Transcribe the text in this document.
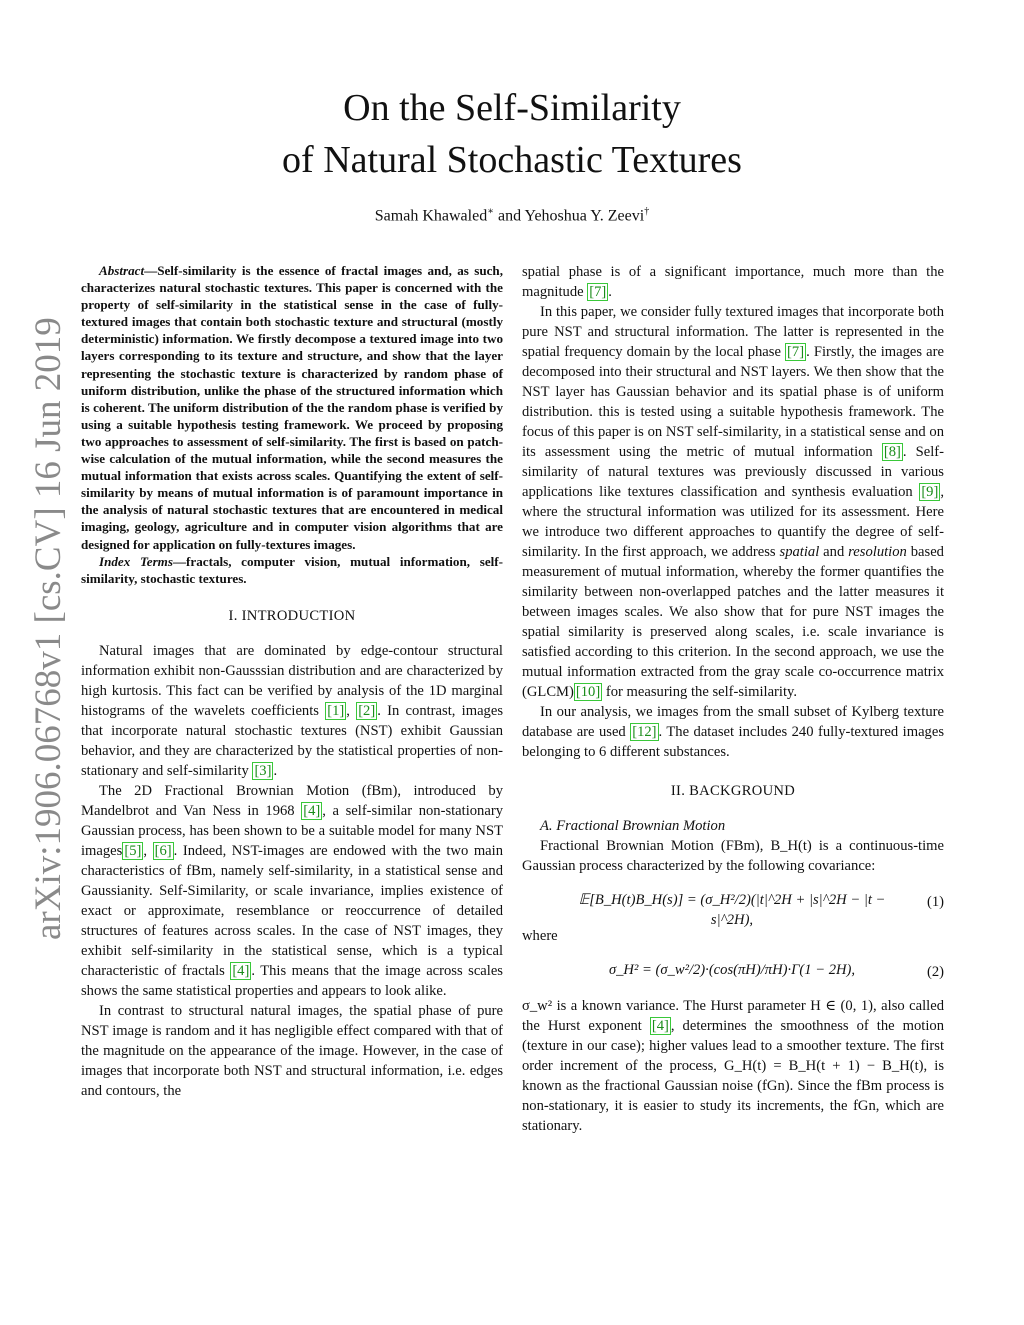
arXiv:1906.06768v1 [cs.CV] 16 Jun 2019
On the Self-Similarity
of Natural Stochastic Textures
Samah Khawaled∗ and Yehoshua Y. Zeevi†

Abstract—Self-similarity is the essence of fractal images and, as such, characterizes natural stochastic textures. This paper is concerned with the property of self-similarity in the statistical sense in the case of fully-textured images that contain both stochastic texture and structural (mostly deterministic) information. We firstly decompose a textured image into two layers corresponding to its texture and structure, and show that the layer representing the stochastic texture is characterized by random phase of uniform distribution, unlike the phase of the structured information which is coherent. The uniform distribution of the the random phase is verified by using a suitable hypothesis testing framework. We proceed by proposing two approaches to assessment of self-similarity. The first is based on patch-wise calculation of the mutual information, while the second measures the mutual information that exists across scales. Quantifying the extent of self-similarity by means of mutual information is of paramount importance in the analysis of natural stochastic textures that are encountered in medical imaging, geology, agriculture and in computer vision algorithms that are designed for application on fully-textures images.

Index Terms—fractals, computer vision, mutual information, self-similarity, stochastic textures.

I. INTRODUCTION

Natural images that are dominated by edge-contour structural information exhibit non-Gausssian distribution and are characterized by high kurtosis. This fact can be verified by analysis of the 1D marginal histograms of the wavelets coefficients [1] , [2] . In contrast, images that incorporate natural stochastic textures (NST) exhibit Gaussian behavior, and they are characterized by the statistical properties of non-stationary and self-similarity [3] .

The 2D Fractional Brownian Motion (fBm), introduced by Mandelbrot and Van Ness in 1968 [4] , a self-similar non-stationary Gaussian process, has been shown to be a suitable model for many NST images [5] , [6] . Indeed, NST-images are endowed with the two main characteristics of fBm, namely self-similarity, in a statistical sense and Gaussianity. Self-Similarity, or scale invariance, implies existence of exact or approximate, resemblance or reoccurrence of detailed structures of features across scales. In the case of NST images, they exhibit self-similarity in the statistical sense, which is a typical characteristic of fractals [4] . This means that the image across scales shows the same statistical properties and appears to look alike.

In contrast to structural natural images, the spatial phase of pure NST image is random and it has negligible effect compared with that of the magnitude on the appearance of the image. However, in the case of images that incorporate both NST and structural information, i.e. edges and contours, the

spatial phase is of a significant importance, much more than the magnitude [7] .

In this paper, we consider fully textured images that incorporate both pure NST and structural information. The latter is represented in the spatial frequency domain by the local phase [7] . Firstly, the images are decomposed into their structural and NST layers. We then show that the NST layer has Gaussian behavior and its spatial phase is of uniform distribution. this is tested using a suitable hypothesis framework. The focus of this paper is on NST self-similarity, in a statistical sense and on its assessment using the metric of mutual information [8] . Self-similarity of natural textures was previously discussed in various applications like textures classification and synthesis evaluation [9] , where the structural information was utilized for its assessment. Here we introduce two different approaches to quantify the degree of self-similarity. In the first approach, we address spatial and resolution based measurement of mutual information, whereby the former quantifies the similarity between non-overlapped patches and the latter measures it between images scales. We also show that for pure NST images the spatial similarity is preserved along scales, i.e. scale invariance is satisfied according to this criterion. In the second approach, we use the mutual information extracted from the gray scale co-occurrence matrix (GLCM) [10] for measuring the self-similarity.

In our analysis, we images from the small subset of Kylberg texture database are used [12] . The dataset includes 240 fully-textured images belonging to 6 different substances.

II. BACKGROUND

A. Fractional Brownian Motion

Fractional Brownian Motion (FBm), B_H(t) is a continuous-time Gaussian process characterized by the following covariance:

𝔼[B_H(t)B_H(s)] = (σ_H²/2)(|t|^2H + |s|^2H − |t − s|^2H),
(1)

where

σ_H² = (σ_w²/2)·(cos(πH)/πH)·Γ(1 − 2H),	(2)

σ_w² is a known variance. The Hurst parameter H ∈ (0, 1), also called the Hurst exponent [4] , determines the smoothness of the motion (texture in our case); higher values lead to a smoother texture. The first order increment of the process, G_H(t) = B_H(t + 1) − B_H(t), is known as the fractional Gaussian noise (fGn). Since the fBm process is non-stationary, it is easier to study its increments, the fGn, which are stationary.
